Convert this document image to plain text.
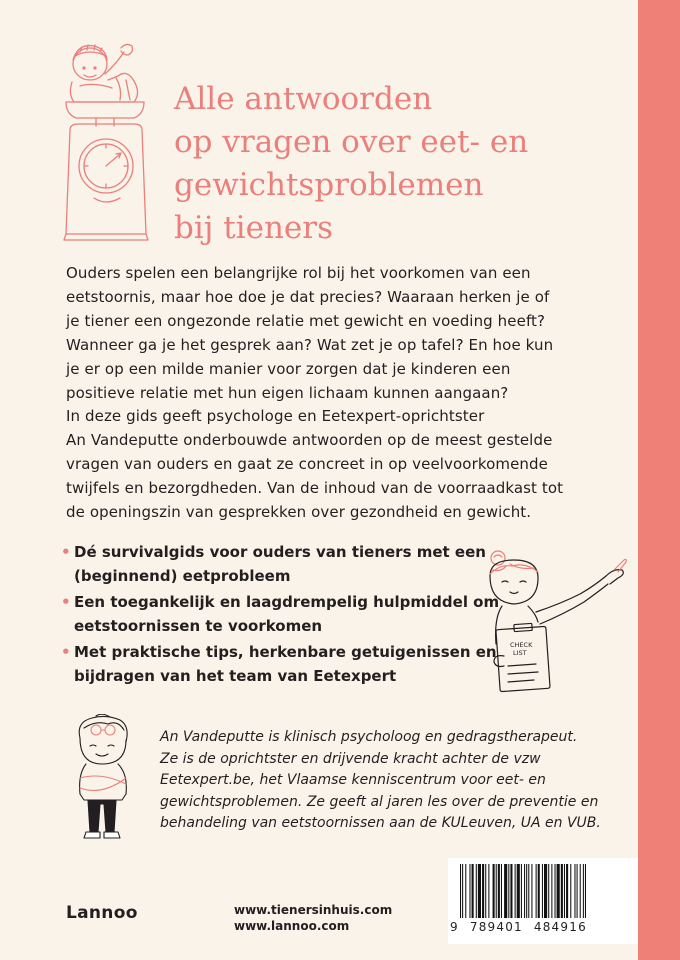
Alle antwoorden
op vragen over eet- en
gewichtsproblemen
bij tieners

Ouders spelen een belangrijke rol bij het voorkomen van een
eetstoornis, maar hoe doe je dat precies? Waaraan herken je of
je tiener een ongezonde relatie met gewicht en voeding heeft?
Wanneer ga je het gesprek aan? Wat zet je op tafel? En hoe kun
je er op een milde manier voor zorgen dat je kinderen een
positieve relatie met hun eigen lichaam kunnen aangaan?

In deze gids geeft psychologe en Eetexpert-oprichtster
An Vandeputte onderbouwde antwoorden op de meest gestelde
vragen van ouders en gaat ze concreet in op veelvoorkomende
twijfels en bezorgdheden. Van de inhoud van de voorraadkast tot
de openingszin van gesprekken over gezondheid en gewicht.

• Dé survivalgids voor ouders van tieners met een
(beginnend) eetprobleem
• Een toegankelijk en laagdrempelig hulpmiddel om
eetstoornissen te voorkomen
• Met praktische tips, herkenbare getuigenissen en
bijdragen van het team van Eetexpert
CHECK
LIST

An Vandeputte is klinisch psycholoog en gedragstherapeut.
Ze is de oprichtster en drijvende kracht achter de vzw
Eetexpert.be, het Vlaamse kenniscentrum voor eet- en
gewichtsproblemen. Ze geeft al jaren les over de preventie en
behandeling van eetstoornissen aan de KULeuven, UA en VUB.

Lannoo	www.tienersinhuis.com
www.lannoo.com	9 789401 484916
